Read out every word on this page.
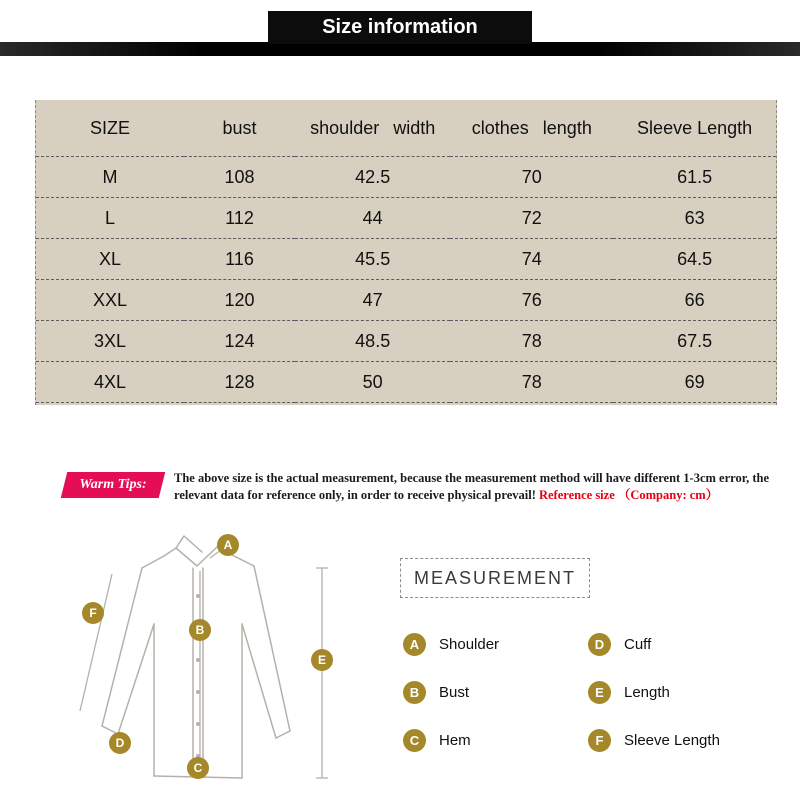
Size information
SIZE	bust	shoulder width	clothes length	Sleeve Length
M	108	42.5	70	61.5
L	112	44	72	63
XL	116	45.5	74	64.5
XXL	120	47	76	66
3XL	124	48.5	78	67.5
4XL	128	50	78	69
Warm Tips:	The above size is the actual measurement, because the measurement method will have different 1-3cm error, the relevant data for reference only, in order to receive physical prevail! Reference size （Company: cm）
A
B
C
D
E
F
MEASUREMENT
A	Shoulder	D	Cuff
B	Bust	E	Length
C	Hem	F	Sleeve Length
